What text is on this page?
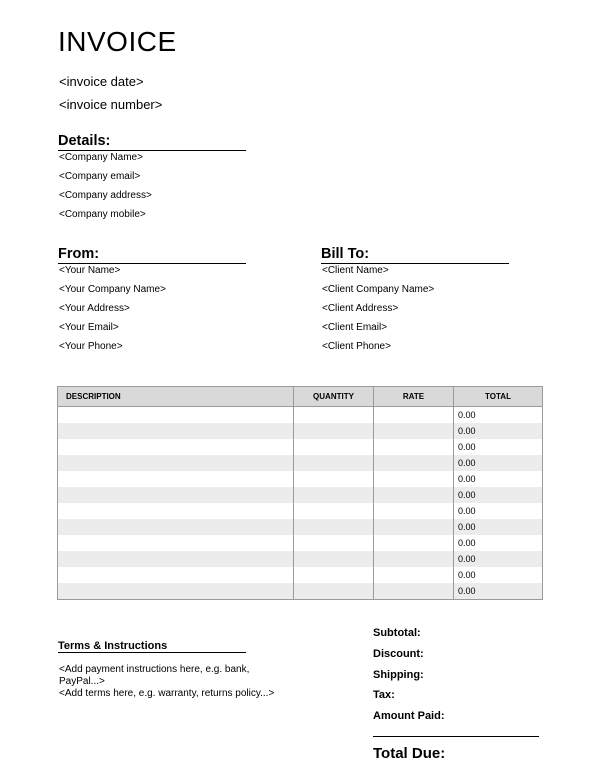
INVOICE
<invoice date>
<invoice number>
Details:
<Company Name>
<Company email>
<Company address>
<Company mobile>
From:
<Your Name>
<Your Company Name>
<Your Address>
<Your Email>
<Your Phone>
Bill To:
<Client Name>
<Client Company Name>
<Client Address>
<Client Email>
<Client Phone>
DESCRIPTION	QUANTITY	RATE	TOTAL
			0.00
			0.00
			0.00
			0.00
			0.00
			0.00
			0.00
			0.00
			0.00
			0.00
			0.00
			0.00
Terms & Instructions
<Add payment instructions here, e.g. bank,
PayPal...>
<Add terms here, e.g. warranty, returns policy...>
Subtotal:
Discount:
Shipping:
Tax:
Amount Paid:
Total Due:
